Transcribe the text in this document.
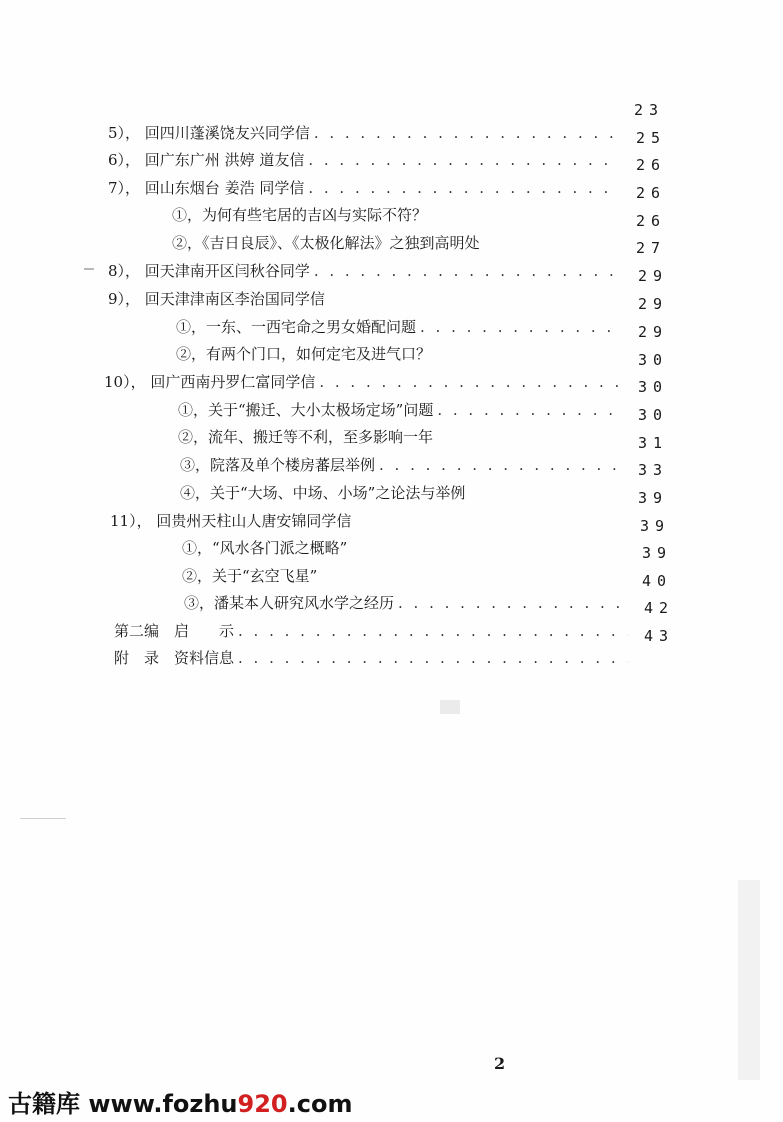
23
25
26
26
26
27
29
29
29
30
30
30
31
33
39
39
39
40
42
43
5）， 回四川蓬溪饶友兴同学信
. . .
6）， 回广东广州 洪婷 道友信
. . .
7）， 回山东烟台 姜浩 同学信
. . .
①，为何有些宅居的吉凶与实际不符？
②，《吉日良辰》、《太极化解法》之独到高明处
8）， 回天津南开区闫秋谷同学
. . .
9）， 回天津津南区李治国同学信
①，一东、一西宅命之男女婚配问题
. . .
②，有两个门口，如何定宅及进气口？
10）， 回广西南丹罗仁富同学信
. . .
①，关于“搬迁、大小太极场定场”问题
. . .
②，流年、搬迁等不利，至多影响一年
③，院落及单个楼房蕃层举例
. . .
④，关于“大场、中场、小场”之论法与举例
11）， 回贵州天柱山人唐安锦同学信
①，“风水各门派之概略”
②，关于“玄空飞星”
③，潘某本人研究风水学之经历
. . .
第二编　启　　示
. . .
附　录　资料信息
. . .
2
古籍库 www.fozhu920.com
